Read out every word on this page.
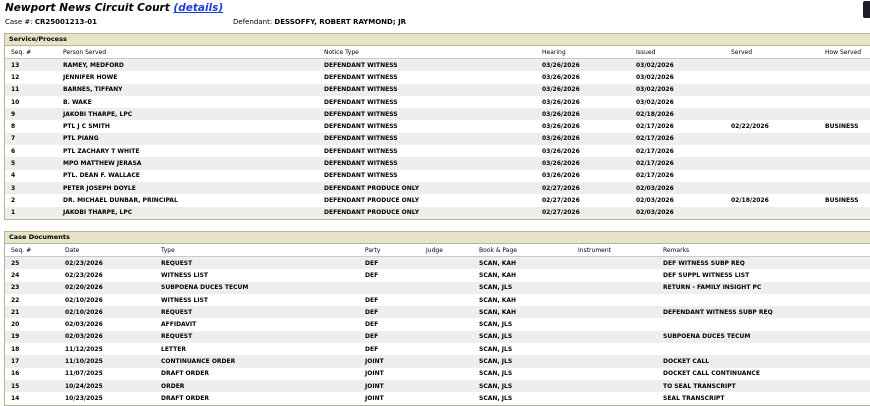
Newport News Circuit Court (details)
Case #: CR25001213-01	Defendant: DESSOFFY, ROBERT RAYMOND; JR
Service/Process
Seq. #	Person Served	Notice Type	Hearing	Issued	Served	How Served
13	RAMEY, MEDFORD	DEFENDANT WITNESS	03/26/2026	03/02/2026		
12	JENNIFER HOWE	DEFENDANT WITNESS	03/26/2026	03/02/2026		
11	BARNES, TIFFANY	DEFENDANT WITNESS	03/26/2026	03/02/2026		
10	B. WAKE	DEFENDANT WITNESS	03/26/2026	03/02/2026		
9	JAKOBI THARPE, LPC	DEFENDANT WITNESS	03/26/2026	02/18/2026		
8	PTL J C SMITH	DEFENDANT WITNESS	03/26/2026	02/17/2026	02/22/2026	BUSINESS
7	PTL PIANG	DEFENDANT WITNESS	03/26/2026	02/17/2026		
6	PTL ZACHARY T WHITE	DEFENDANT WITNESS	03/26/2026	02/17/2026		
5	MPO MATTHEW JERASA	DEFENDANT WITNESS	03/26/2026	02/17/2026		
4	PTL. DEAN F. WALLACE	DEFENDANT WITNESS	03/26/2026	02/17/2026		
3	PETER JOSEPH DOYLE	DEFENDANT PRODUCE ONLY	02/27/2026	02/03/2026		
2	DR. MICHAEL DUNBAR, PRINCIPAL	DEFENDANT PRODUCE ONLY	02/27/2026	02/03/2026	02/18/2026	BUSINESS
1	JAKOBI THARPE, LPC	DEFENDANT PRODUCE ONLY	02/27/2026	02/03/2026		
Case Documents
Seq. #	Date	Type	Party	Judge	Book & Page	Instrument	Remarks
25	02/23/2026	REQUEST	DEF		SCAN, KAH		DEF WITNESS SUBP REQ
24	02/23/2026	WITNESS LIST	DEF		SCAN, KAH		DEF SUPPL WITNESS LIST
23	02/20/2026	SUBPOENA DUCES TECUM			SCAN, JLS		RETURN - FAMILY INSIGHT PC
22	02/10/2026	WITNESS LIST	DEF		SCAN, KAH		
21	02/10/2026	REQUEST	DEF		SCAN, KAH		DEFENDANT WITNESS SUBP REQ
20	02/03/2026	AFFIDAVIT	DEF		SCAN, JLS		
19	02/03/2026	REQUEST	DEF		SCAN, JLS		SUBPOENA DUCES TECUM
18	11/12/2025	LETTER	DEF		SCAN, JLS		
17	11/10/2025	CONTINUANCE ORDER	JOINT		SCAN, JLS		DOCKET CALL
16	11/07/2025	DRAFT ORDER	JOINT		SCAN, JLS		DOCKET CALL CONTINUANCE
15	10/24/2025	ORDER	JOINT		SCAN, JLS		TO SEAL TRANSCRIPT
14	10/23/2025	DRAFT ORDER	JOINT		SCAN, JLS		SEAL TRANSCRIPT
